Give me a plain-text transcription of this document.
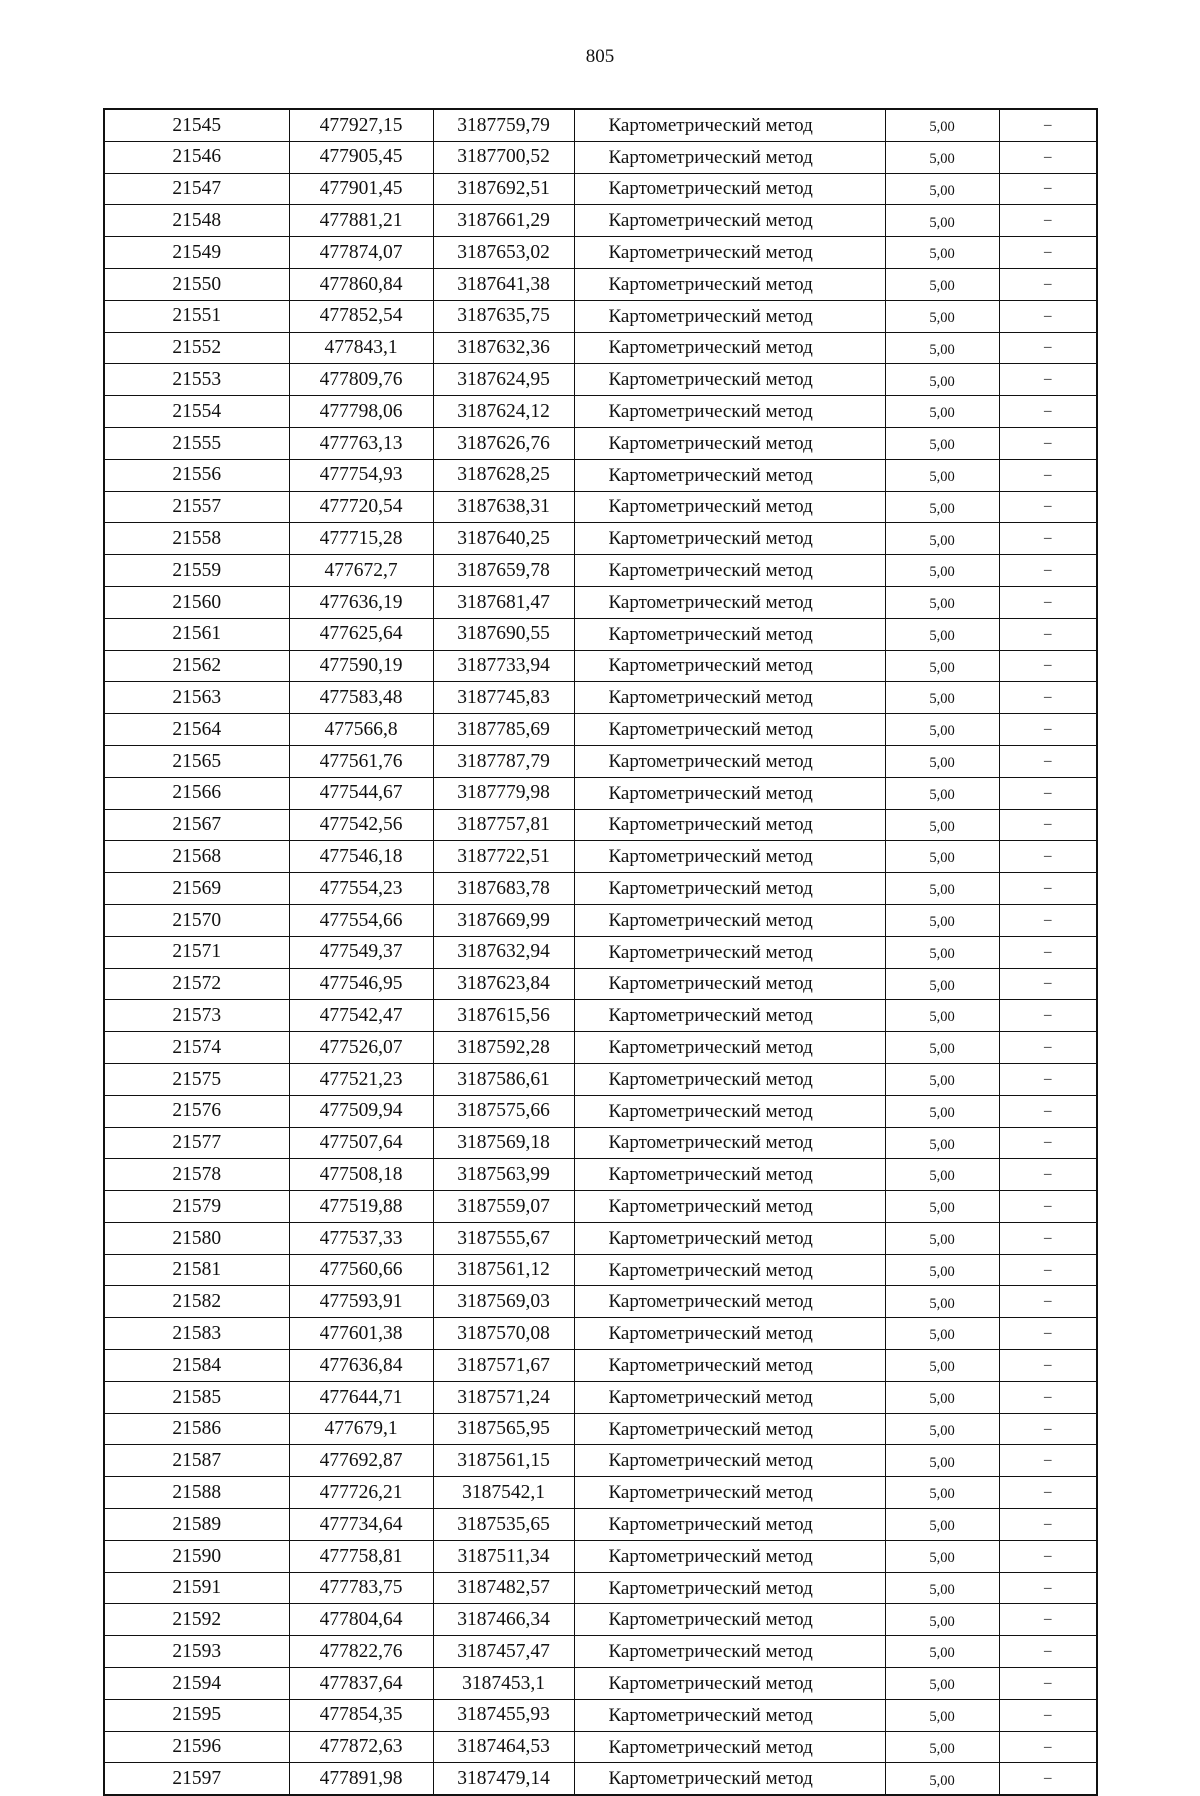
805
21545	477927,15	3187759,79	Картометрический метод	5,00	–
21546	477905,45	3187700,52	Картометрический метод	5,00	–
21547	477901,45	3187692,51	Картометрический метод	5,00	–
21548	477881,21	3187661,29	Картометрический метод	5,00	–
21549	477874,07	3187653,02	Картометрический метод	5,00	–
21550	477860,84	3187641,38	Картометрический метод	5,00	–
21551	477852,54	3187635,75	Картометрический метод	5,00	–
21552	477843,1	3187632,36	Картометрический метод	5,00	–
21553	477809,76	3187624,95	Картометрический метод	5,00	–
21554	477798,06	3187624,12	Картометрический метод	5,00	–
21555	477763,13	3187626,76	Картометрический метод	5,00	–
21556	477754,93	3187628,25	Картометрический метод	5,00	–
21557	477720,54	3187638,31	Картометрический метод	5,00	–
21558	477715,28	3187640,25	Картометрический метод	5,00	–
21559	477672,7	3187659,78	Картометрический метод	5,00	–
21560	477636,19	3187681,47	Картометрический метод	5,00	–
21561	477625,64	3187690,55	Картометрический метод	5,00	–
21562	477590,19	3187733,94	Картометрический метод	5,00	–
21563	477583,48	3187745,83	Картометрический метод	5,00	–
21564	477566,8	3187785,69	Картометрический метод	5,00	–
21565	477561,76	3187787,79	Картометрический метод	5,00	–
21566	477544,67	3187779,98	Картометрический метод	5,00	–
21567	477542,56	3187757,81	Картометрический метод	5,00	–
21568	477546,18	3187722,51	Картометрический метод	5,00	–
21569	477554,23	3187683,78	Картометрический метод	5,00	–
21570	477554,66	3187669,99	Картометрический метод	5,00	–
21571	477549,37	3187632,94	Картометрический метод	5,00	–
21572	477546,95	3187623,84	Картометрический метод	5,00	–
21573	477542,47	3187615,56	Картометрический метод	5,00	–
21574	477526,07	3187592,28	Картометрический метод	5,00	–
21575	477521,23	3187586,61	Картометрический метод	5,00	–
21576	477509,94	3187575,66	Картометрический метод	5,00	–
21577	477507,64	3187569,18	Картометрический метод	5,00	–
21578	477508,18	3187563,99	Картометрический метод	5,00	–
21579	477519,88	3187559,07	Картометрический метод	5,00	–
21580	477537,33	3187555,67	Картометрический метод	5,00	–
21581	477560,66	3187561,12	Картометрический метод	5,00	–
21582	477593,91	3187569,03	Картометрический метод	5,00	–
21583	477601,38	3187570,08	Картометрический метод	5,00	–
21584	477636,84	3187571,67	Картометрический метод	5,00	–
21585	477644,71	3187571,24	Картометрический метод	5,00	–
21586	477679,1	3187565,95	Картометрический метод	5,00	–
21587	477692,87	3187561,15	Картометрический метод	5,00	–
21588	477726,21	3187542,1	Картометрический метод	5,00	–
21589	477734,64	3187535,65	Картометрический метод	5,00	–
21590	477758,81	3187511,34	Картометрический метод	5,00	–
21591	477783,75	3187482,57	Картометрический метод	5,00	–
21592	477804,64	3187466,34	Картометрический метод	5,00	–
21593	477822,76	3187457,47	Картометрический метод	5,00	–
21594	477837,64	3187453,1	Картометрический метод	5,00	–
21595	477854,35	3187455,93	Картометрический метод	5,00	–
21596	477872,63	3187464,53	Картометрический метод	5,00	–
21597	477891,98	3187479,14	Картометрический метод	5,00	–
